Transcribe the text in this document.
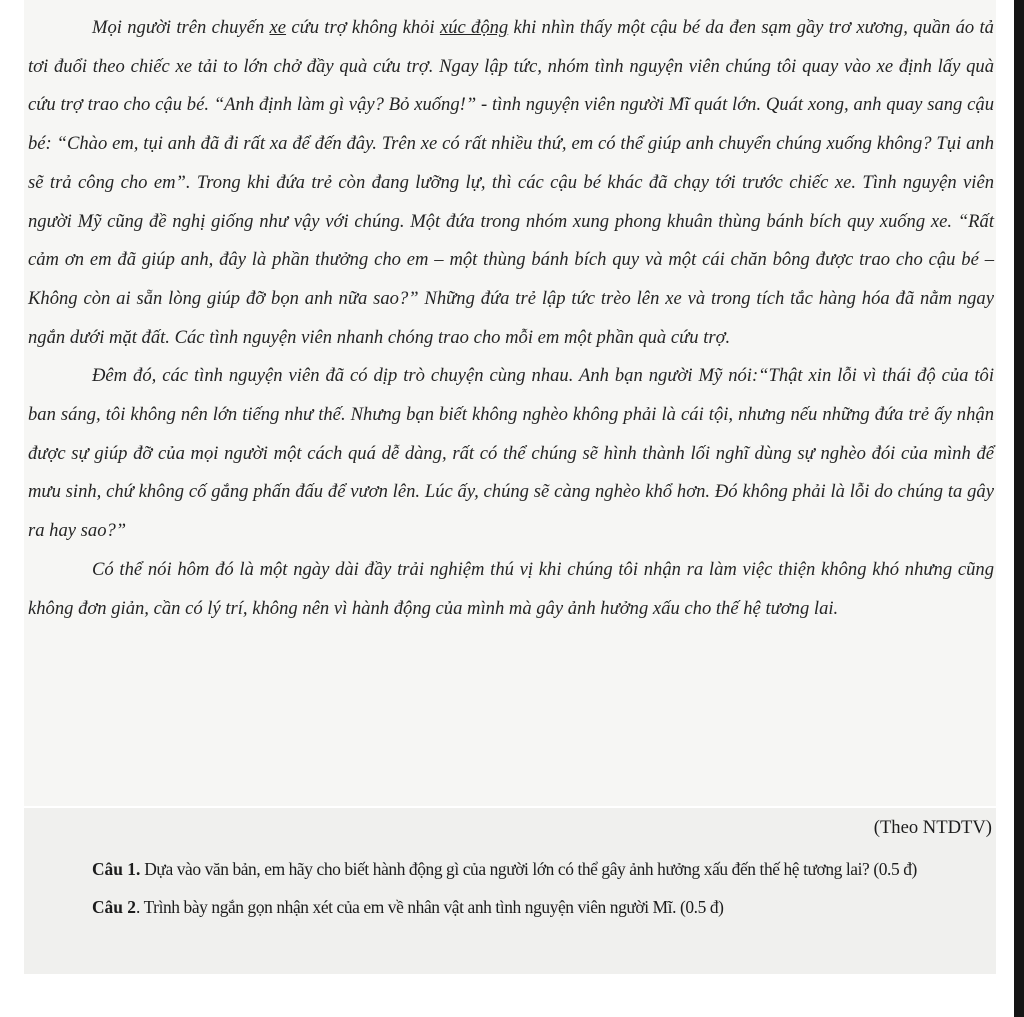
Mọi người trên chuyến xe cứu trợ không khỏi xúc động khi nhìn thấy một cậu bé da đen sạm gầy trơ xương, quần áo tả tơi đuổi theo chiếc xe tải to lớn chở đầy quà cứu trợ. Ngay lập tức, nhóm tình nguyện viên chúng tôi quay vào xe định lấy quà cứu trợ trao cho cậu bé. “Anh định làm gì vậy? Bỏ xuống!” - tình nguyện viên người Mĩ quát lớn. Quát xong, anh quay sang cậu bé: “Chào em, tụi anh đã đi rất xa để đến đây. Trên xe có rất nhiều thứ, em có thể giúp anh chuyển chúng xuống không? Tụi anh sẽ trả công cho em”. Trong khi đứa trẻ còn đang lưỡng lự, thì các cậu bé khác đã chạy tới trước chiếc xe. Tình nguyện viên người Mỹ cũng đề nghị giống như vậy với chúng. Một đứa trong nhóm xung phong khuân thùng bánh bích quy xuống xe. “Rất cảm ơn em đã giúp anh, đây là phần thưởng cho em – một thùng bánh bích quy và một cái chăn bông được trao cho cậu bé – Không còn ai sẵn lòng giúp đỡ bọn anh nữa sao?” Những đứa trẻ lập tức trèo lên xe và trong tích tắc hàng hóa đã nằm ngay ngắn dưới mặt đất. Các tình nguyện viên nhanh chóng trao cho mỗi em một phần quà cứu trợ.

Đêm đó, các tình nguyện viên đã có dịp trò chuyện cùng nhau. Anh bạn người Mỹ nói:“Thật xin lỗi vì thái độ của tôi ban sáng, tôi không nên lớn tiếng như thế. Nhưng bạn biết không nghèo không phải là cái tội, nhưng nếu những đứa trẻ ấy nhận được sự giúp đỡ của mọi người một cách quá dễ dàng, rất có thể chúng sẽ hình thành lối nghĩ dùng sự nghèo đói của mình để mưu sinh, chứ không cố gắng phấn đấu để vươn lên. Lúc ấy, chúng sẽ càng nghèo khổ hơn. Đó không phải là lỗi do chúng ta gây ra hay sao?”

Có thể nói hôm đó là một ngày dài đầy trải nghiệm thú vị khi chúng tôi nhận ra làm việc thiện không khó nhưng cũng không đơn giản, cần có lý trí, không nên vì hành động của mình mà gây ảnh hưởng xấu cho thế hệ tương lai.

(Theo NTDTV)

Câu 1. Dựa vào văn bản, em hãy cho biết hành động gì của người lớn có thể gây ảnh hưởng xấu đến thế hệ tương lai? (0.5 đ)

Câu 2. Trình bày ngắn gọn nhận xét của em về nhân vật anh tình nguyện viên người Mĩ. (0.5 đ)
